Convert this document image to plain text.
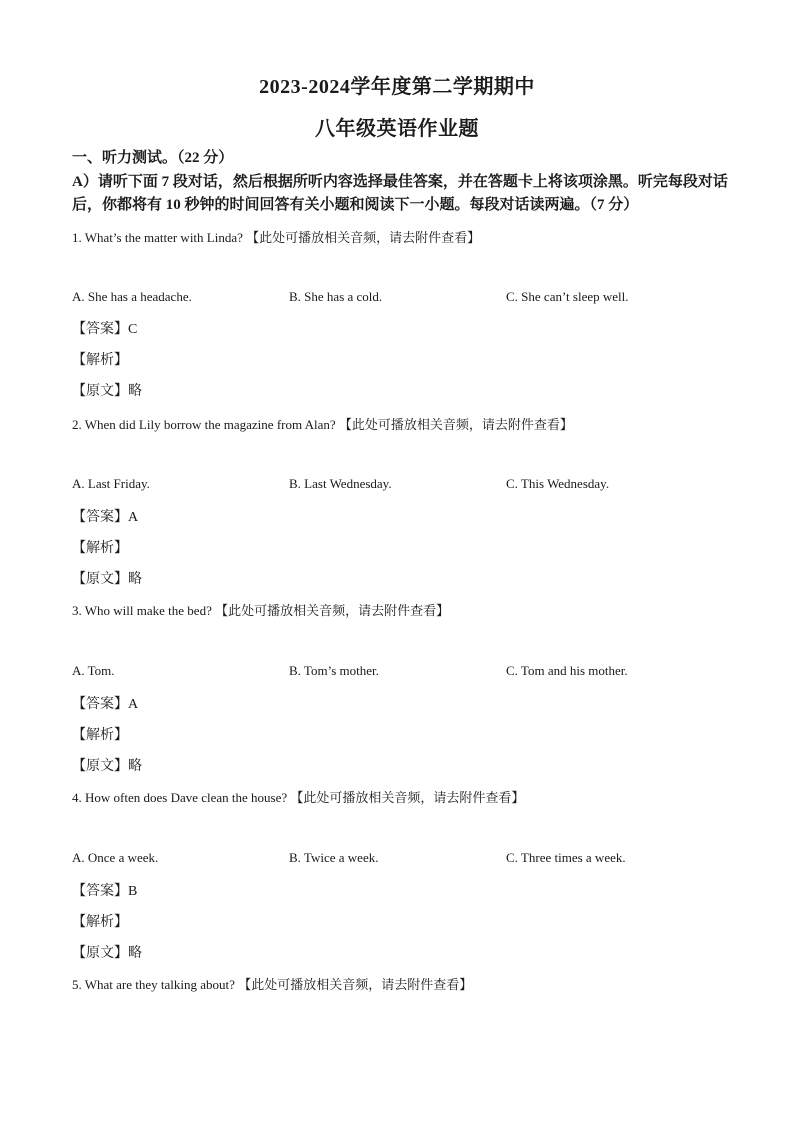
2023-2024学年度第二学期期中
八年级英语作业题
一、听力测试。（22 分）
A）请听下面 7 段对话，然后根据所听内容选择最佳答案，并在答题卡上将该项涂黑。听完每段对话后，你都将有 10 秒钟的时间回答有关小题和阅读下一小题。每段对话读两遍。（7 分）
1. What’s the matter with Linda? 【此处可播放相关音频，请去附件查看】
A. She has a headache.	B. She has a cold.	C. She can’t sleep well.
【答案】C
【解析】
【原文】略
2. When did Lily borrow the magazine from Alan? 【此处可播放相关音频，请去附件查看】
A. Last Friday.	B. Last Wednesday.	C. This Wednesday.
【答案】A
【解析】
【原文】略
3. Who will make the bed? 【此处可播放相关音频，请去附件查看】
A. Tom.	B. Tom’s mother.	C. Tom and his mother.
【答案】A
【解析】
【原文】略
4. How often does Dave clean the house? 【此处可播放相关音频，请去附件查看】
A. Once a week.	B. Twice a week.	C. Three times a week.
【答案】B
【解析】
【原文】略
5. What are they talking about? 【此处可播放相关音频，请去附件查看】
